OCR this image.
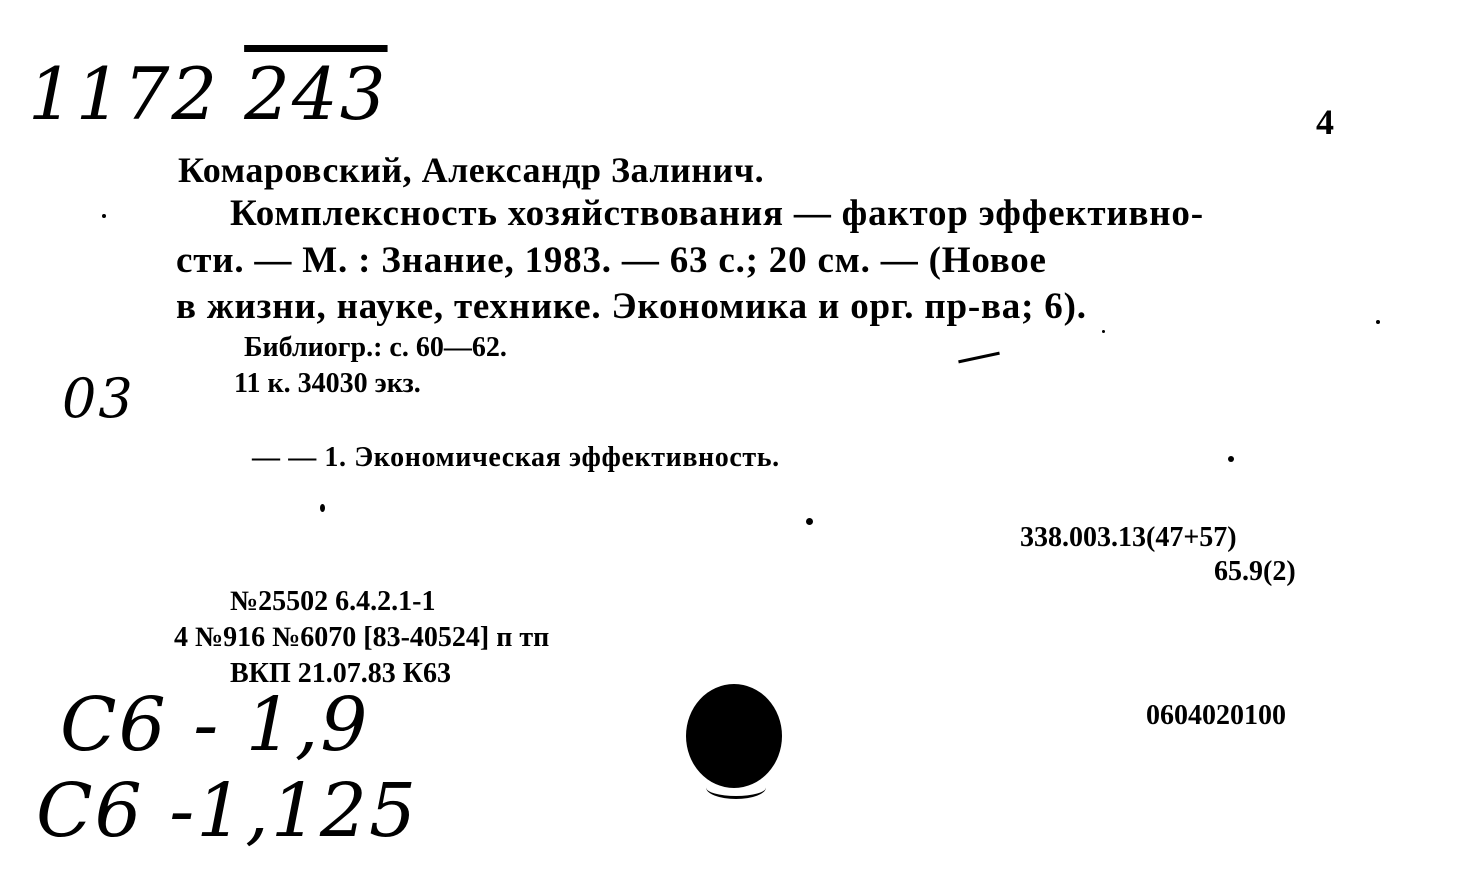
1172 243	4
Комаровский, Александр Залинич.
Комплексность хозяйствования — фактор эффективно-
сти. — М. : Знание, 1983. — 63 с.; 20 см. — (Новое
в жизни, науке, технике. Экономика и орг. пр-ва; 6).
Библиогр.: с. 60—62.
11 к. 34030 экз.
03
— — 1. Экономическая эффективность.
338.003.13(47+57)
65.9(2)
№25502 6.4.2.1-1
4 №916 №6070 [83-40524] п тп
ВКП 21.07.83 К63
0604020100
С6 - 1,9
С6 -1,125
